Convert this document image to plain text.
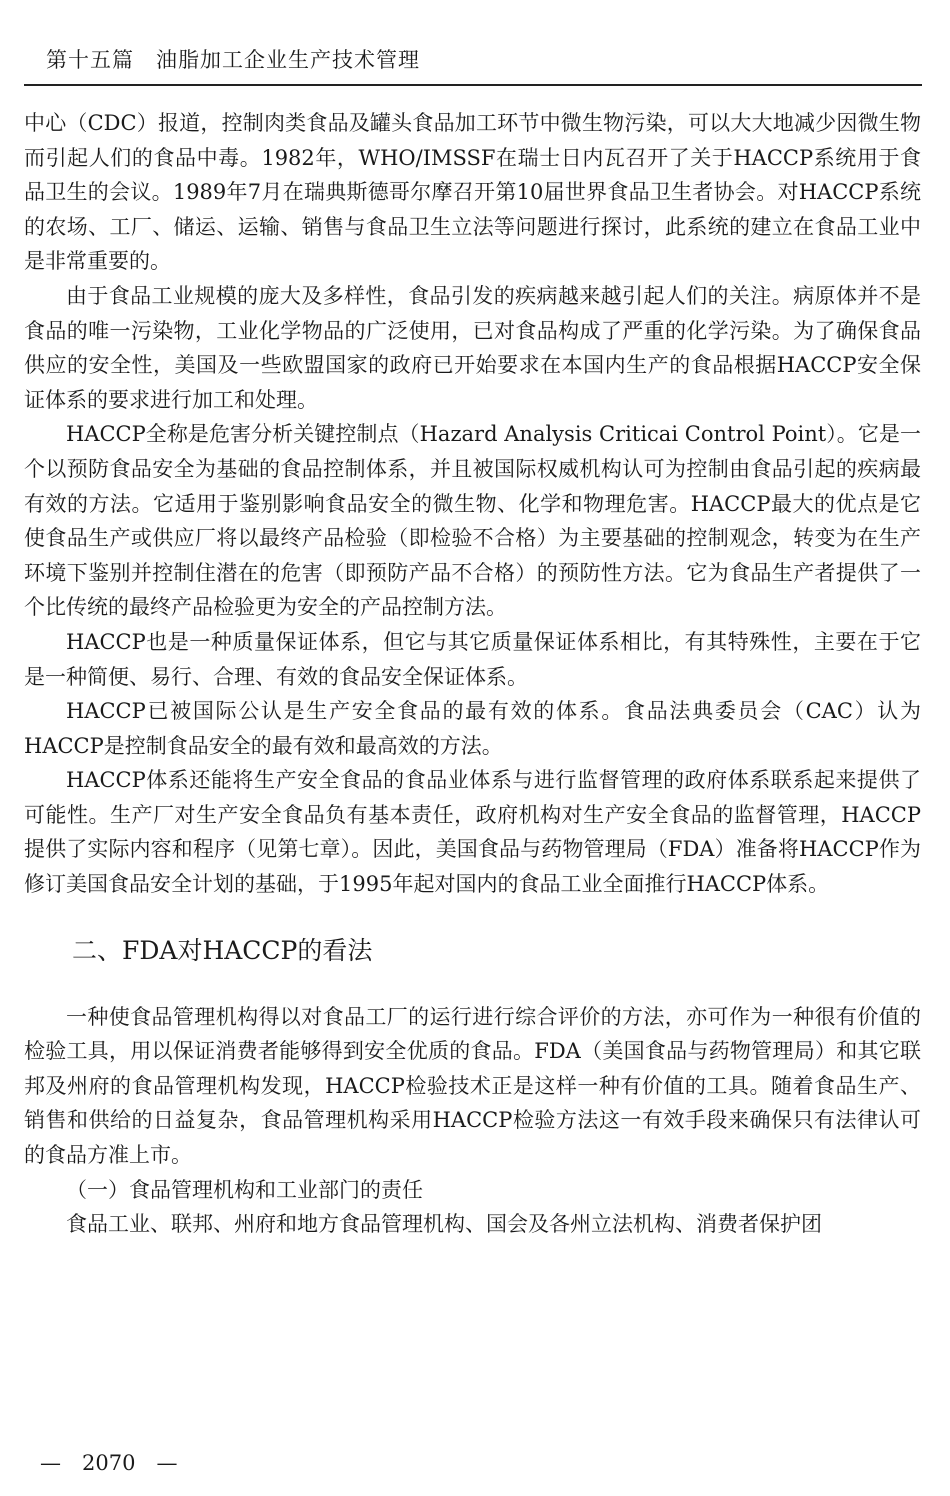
第十五篇　油脂加工企业生产技术管理

中心（CDC）报道，控制肉类食品及罐头食品加工环节中微生物污染，可以大大地减少因微生物而引起人们的食品中毒。1982年，WHO/IMSSF在瑞士日内瓦召开了关于HACCP系统用于食品卫生的会议。1989年7月在瑞典斯德哥尔摩召开第10届世界食品卫生者协会。对HACCP系统的农场、工厂、储运、运输、销售与食品卫生立法等问题进行探讨，此系统的建立在食品工业中是非常重要的。

由于食品工业规模的庞大及多样性，食品引发的疾病越来越引起人们的关注。病原体并不是食品的唯一污染物，工业化学物品的广泛使用，已对食品构成了严重的化学污染。为了确保食品供应的安全性，美国及一些欧盟国家的政府已开始要求在本国内生产的食品根据HACCP安全保证体系的要求进行加工和处理。

HACCP全称是危害分析关键控制点（Hazard Analysis Criticai Control Point）。它是一个以预防食品安全为基础的食品控制体系，并且被国际权威机构认可为控制由食品引起的疾病最有效的方法。它适用于鉴别影响食品安全的微生物、化学和物理危害。HACCP最大的优点是它使食品生产或供应厂将以最终产品检验（即检验不合格）为主要基础的控制观念，转变为在生产环境下鉴别并控制住潜在的危害（即预防产品不合格）的预防性方法。它为食品生产者提供了一个比传统的最终产品检验更为安全的产品控制方法。

HACCP也是一种质量保证体系，但它与其它质量保证体系相比，有其特殊性，主要在于它是一种简便、易行、合理、有效的食品安全保证体系。

HACCP已被国际公认是生产安全食品的最有效的体系。食品法典委员会（CAC）认为HACCP是控制食品安全的最有效和最高效的方法。

HACCP体系还能将生产安全食品的食品业体系与进行监督管理的政府体系联系起来提供了可能性。生产厂对生产安全食品负有基本责任，政府机构对生产安全食品的监督管理，HACCP提供了实际内容和程序（见第七章）。因此，美国食品与药物管理局（FDA）准备将HACCP作为修订美国食品安全计划的基础，于1995年起对国内的食品工业全面推行HACCP体系。

二、FDA对HACCP的看法

一种使食品管理机构得以对食品工厂的运行进行综合评价的方法，亦可作为一种很有价值的检验工具，用以保证消费者能够得到安全优质的食品。FDA（美国食品与药物管理局）和其它联邦及州府的食品管理机构发现，HACCP检验技术正是这样一种有价值的工具。随着食品生产、销售和供给的日益复杂，食品管理机构采用HACCP检验方法这一有效手段来确保只有法律认可的食品方准上市。

（一）食品管理机构和工业部门的责任

食品工业、联邦、州府和地方食品管理机构、国会及各州立法机构、消费者保护团

—　2070　—
